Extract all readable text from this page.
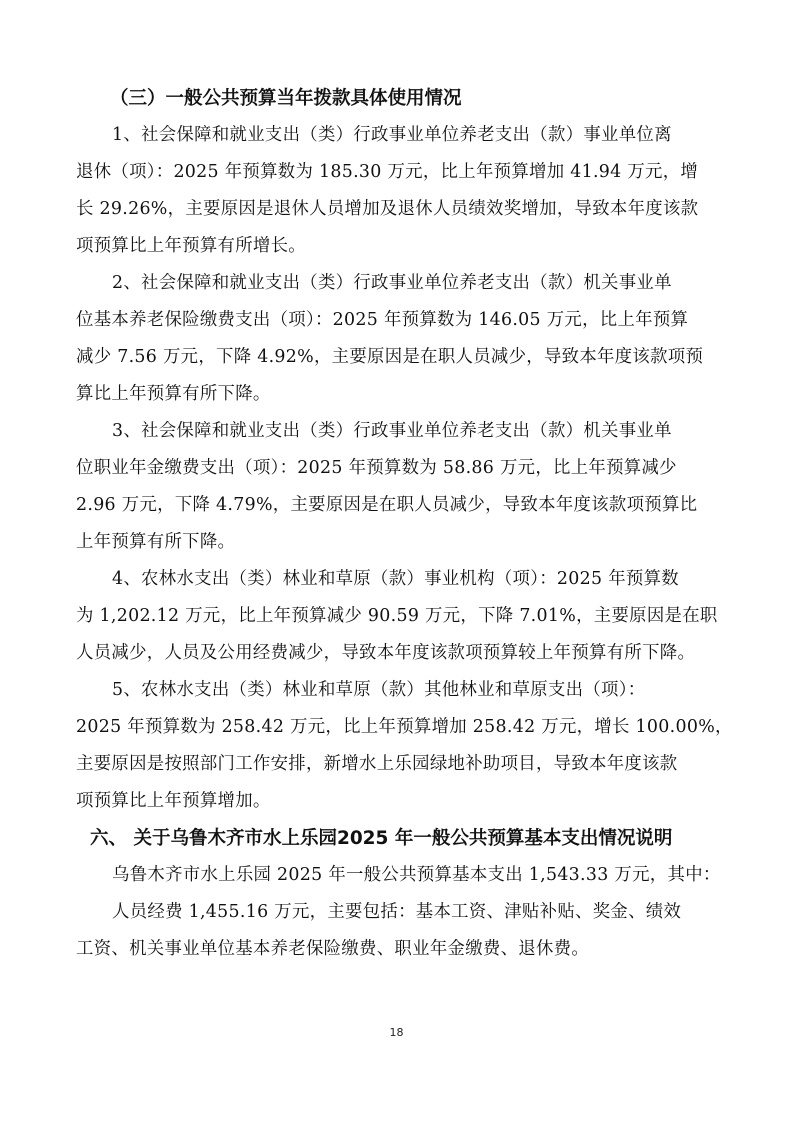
（三）一般公共预算当年拨款具体使用情况
1、社会保障和就业支出（类）行政事业单位养老支出（款）事业单位离
退休（项）：2025 年预算数为 185.30 万元，比上年预算增加 41.94 万元，增
长 29.26%，主要原因是退休人员增加及退休人员绩效奖增加，导致本年度该款
项预算比上年预算有所增长。
2、社会保障和就业支出（类）行政事业单位养老支出（款）机关事业单
位基本养老保险缴费支出（项）：2025 年预算数为 146.05 万元，比上年预算
减少 7.56 万元，下降 4.92%，主要原因是在职人员减少，导致本年度该款项预
算比上年预算有所下降。
3、社会保障和就业支出（类）行政事业单位养老支出（款）机关事业单
位职业年金缴费支出（项）：2025 年预算数为 58.86 万元，比上年预算减少
2.96 万元，下降 4.79%，主要原因是在职人员减少，导致本年度该款项预算比
上年预算有所下降。
4、农林水支出（类）林业和草原（款）事业机构（项）：2025 年预算数
为 1,202.12 万元，比上年预算减少 90.59 万元，下降 7.01%，主要原因是在职
人员减少，人员及公用经费减少，导致本年度该款项预算较上年预算有所下降。
5、农林水支出（类）林业和草原（款）其他林业和草原支出（项）：
2025 年预算数为 258.42 万元，比上年预算增加 258.42 万元，增长 100.00%，
主要原因是按照部门工作安排，新增水上乐园绿地补助项目，导致本年度该款
项预算比上年预算增加。
六、 关于乌鲁木齐市水上乐园2025 年一般公共预算基本支出情况说明
乌鲁木齐市水上乐园 2025 年一般公共预算基本支出 1,543.33 万元，其中：
人员经费 1,455.16 万元，主要包括：基本工资、津贴补贴、奖金、绩效
工资、机关事业单位基本养老保险缴费、职业年金缴费、退休费。
18
